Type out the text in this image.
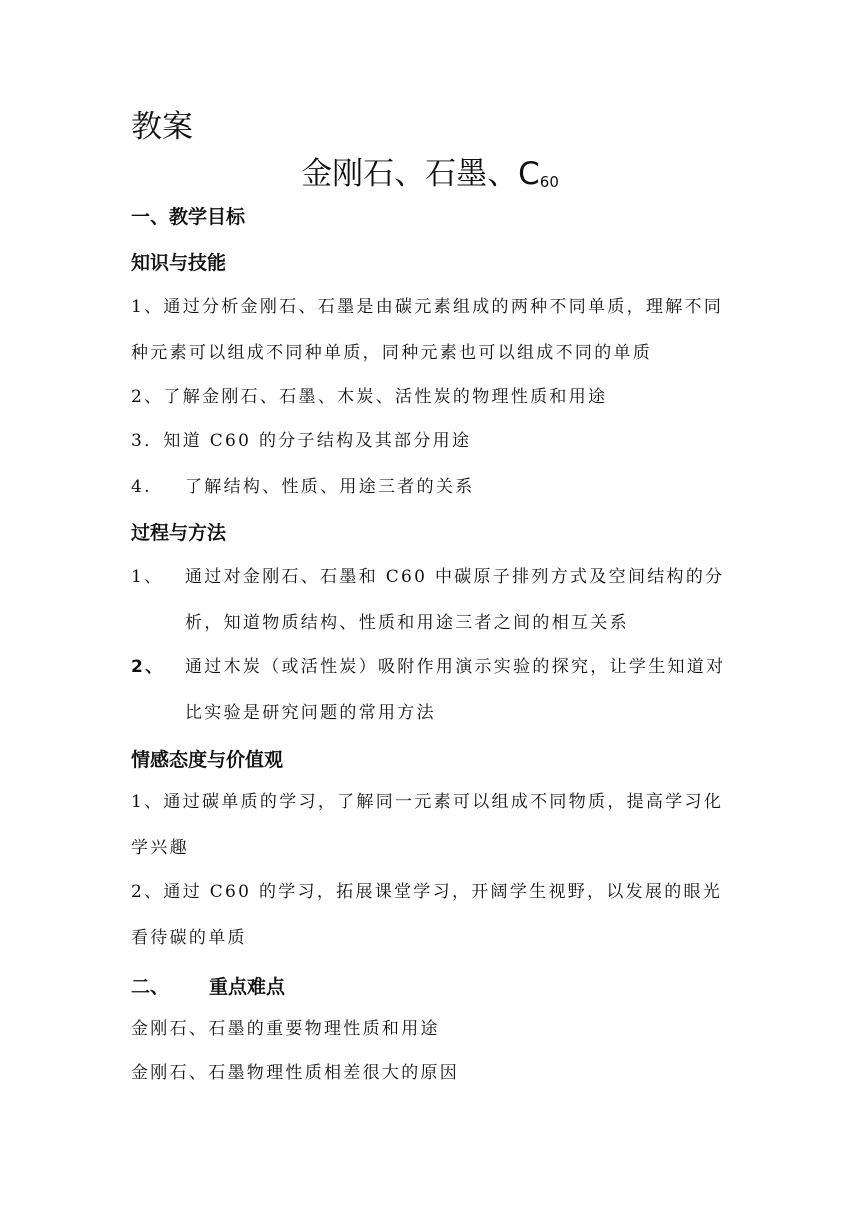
教案
金刚石、石墨、$C_{60}$
一、教学目标
知识与技能

1、通过分析金刚石、石墨是由碳元素组成的两种不同单质，理解不同种元素可以组成不同种单质，同种元素也可以组成不同的单质

2、了解金刚石、石墨、木炭、活性炭的物理性质和用途

3．知道 C60 的分子结构及其部分用途

4.	了解结构、性质、用途三者的关系
过程与方法
1、	通过对金刚石、石墨和 C60 中碳原子排列方式及空间结构的分析，知道物质结构、性质和用途三者之间的相互关系
2、	通过木炭（或活性炭）吸附作用演示实验的探究，让学生知道对比实验是研究问题的常用方法
情感态度与价值观

1、通过碳单质的学习，了解同一元素可以组成不同物质，提高学习化学兴趣

2、通过 C60 的学习，拓展课堂学习，开阔学生视野，以发展的眼光看待碳的单质

二、 重点难点

金刚石、石墨的重要物理性质和用途

金刚石、石墨物理性质相差很大的原因
